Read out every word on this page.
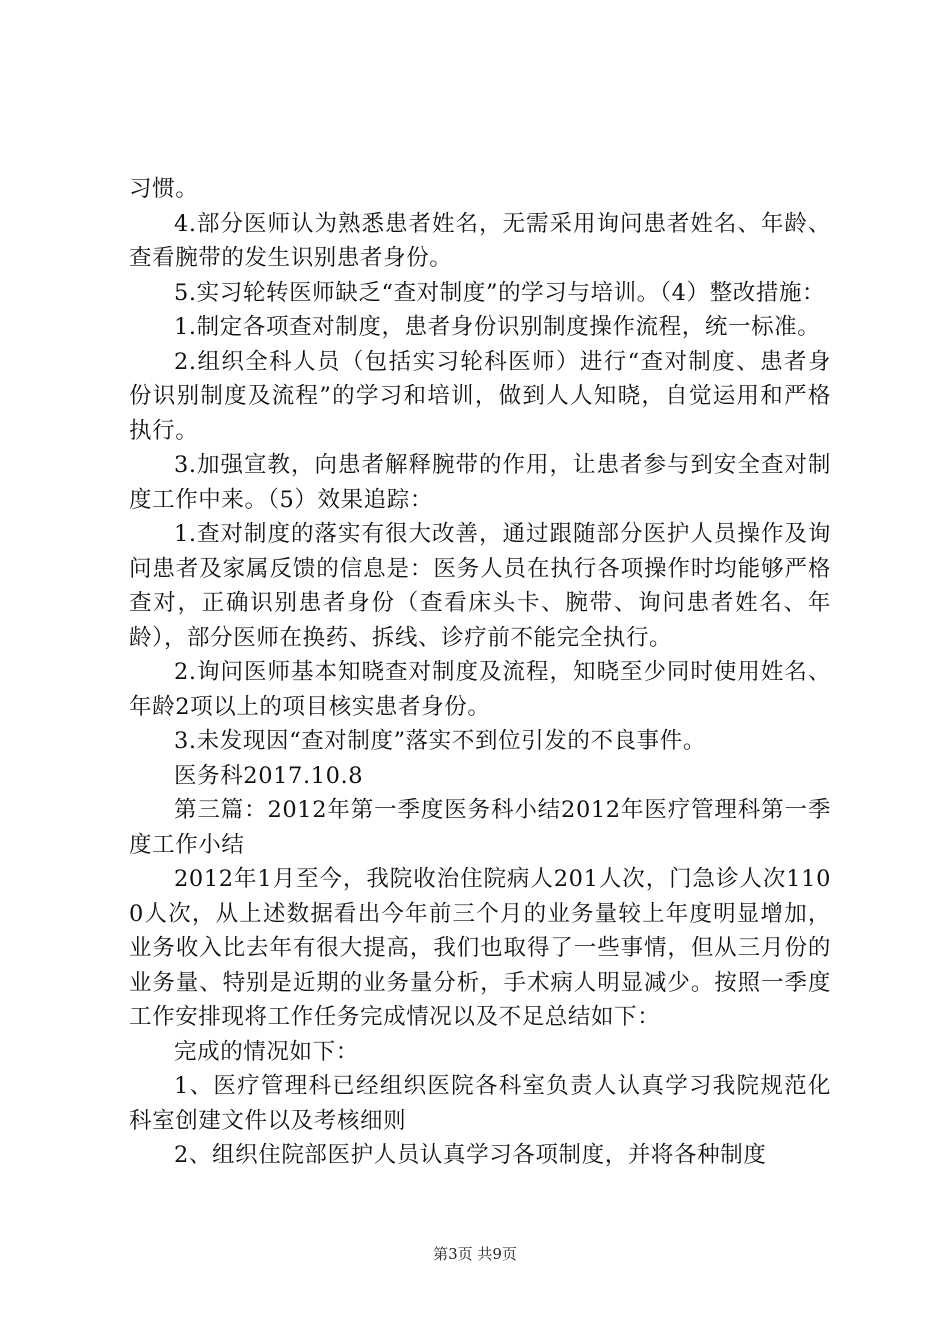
习惯。

4.部分医师认为熟悉患者姓名，无需采用询问患者姓名、年龄、查看腕带的发生识别患者身份。

5.实习轮转医师缺乏“查对制度”的学习与培训。（4）整改措施：

1.制定各项查对制度，患者身份识别制度操作流程，统一标准。

2.组织全科人员（包括实习轮科医师）进行“查对制度、患者身份识别制度及流程”的学习和培训，做到人人知晓，自觉运用和严格执行。

3.加强宣教，向患者解释腕带的作用，让患者参与到安全查对制度工作中来。（5）效果追踪：

1.查对制度的落实有很大改善，通过跟随部分医护人员操作及询问患者及家属反馈的信息是：医务人员在执行各项操作时均能够严格查对，正确识别患者身份（查看床头卡、腕带、询问患者姓名、年龄），部分医师在换药、拆线、诊疗前不能完全执行。

2.询问医师基本知晓查对制度及流程，知晓至少同时使用姓名、年龄2项以上的项目核实患者身份。

3.未发现因“查对制度”落实不到位引发的不良事件。

医务科2017.10.8

第三篇：2012年第一季度医务科小结2012年医疗管理科第一季度工作小结

2012年1月至今，我院收治住院病人201人次，门急诊人次1100人次，从上述数据看出今年前三个月的业务量较上年度明显增加，业务收入比去年有很大提高，我们也取得了一些事情，但从三月份的业务量、特别是近期的业务量分析，手术病人明显减少。按照一季度工作安排现将工作任务完成情况以及不足总结如下：

完成的情况如下：

1、医疗管理科已经组织医院各科室负责人认真学习我院规范化科室创建文件以及考核细则

2、组织住院部医护人员认真学习各项制度，并将各种制度

第3页 共9页
